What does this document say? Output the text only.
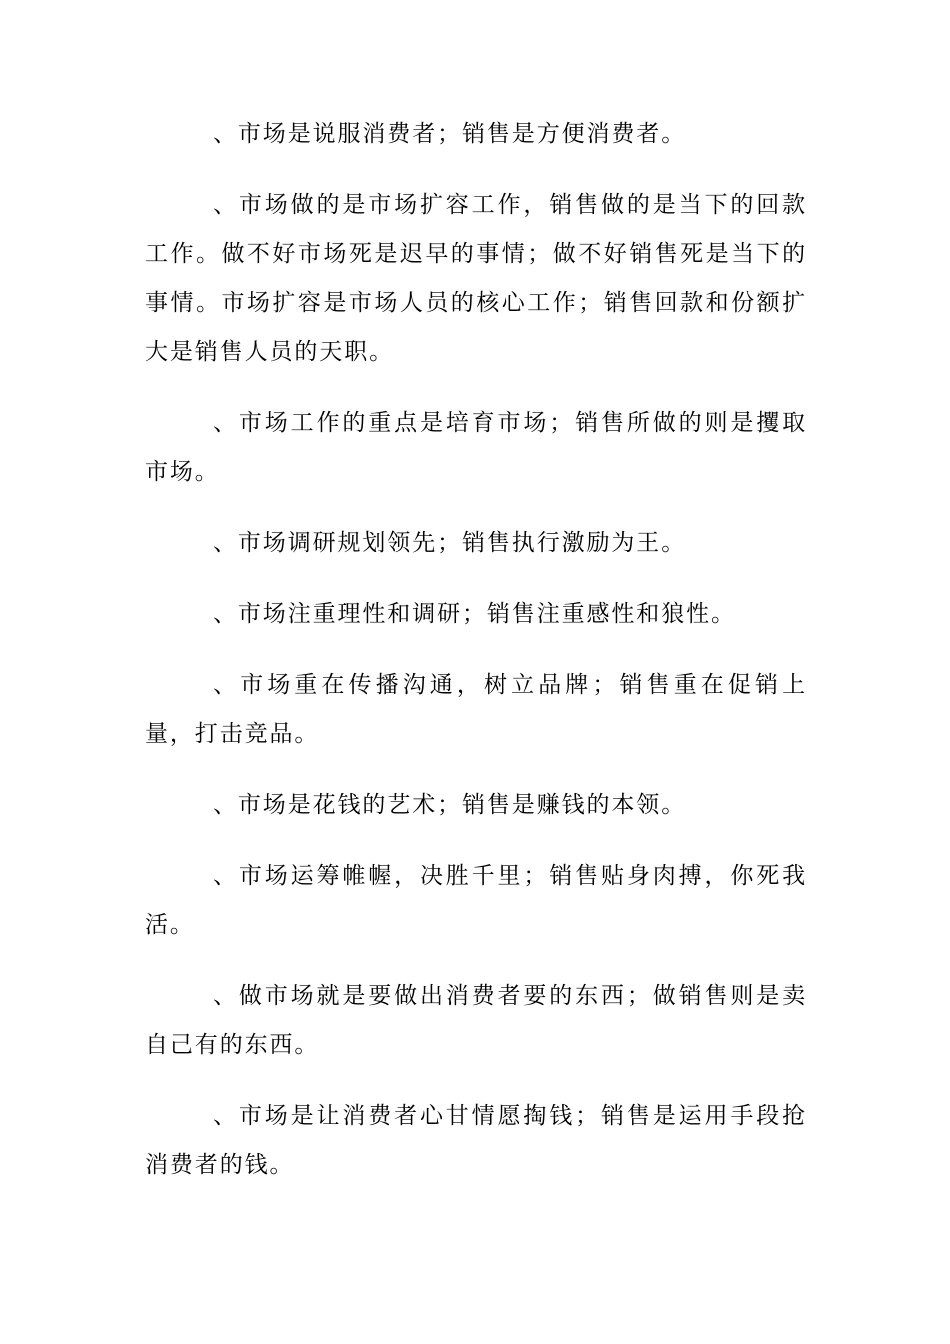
、市场是说服消费者；销售是方便消费者。

、市场做的是市场扩容工作，销售做的是当下的回款工作。做不好市场死是迟早的事情；做不好销售死是当下的事情。市场扩容是市场人员的核心工作；销售回款和份额扩大是销售人员的天职。

、市场工作的重点是培育市场；销售所做的则是攫取市场。

、市场调研规划领先；销售执行激励为王。

、市场注重理性和调研；销售注重感性和狼性。

、市场重在传播沟通，树立品牌；销售重在促销上量，打击竞品。

、市场是花钱的艺术；销售是赚钱的本领。

、市场运筹帷幄，决胜千里；销售贴身肉搏，你死我活。

、做市场就是要做出消费者要的东西；做销售则是卖自己有的东西。

、市场是让消费者心甘情愿掏钱；销售是运用手段抢消费者的钱。
